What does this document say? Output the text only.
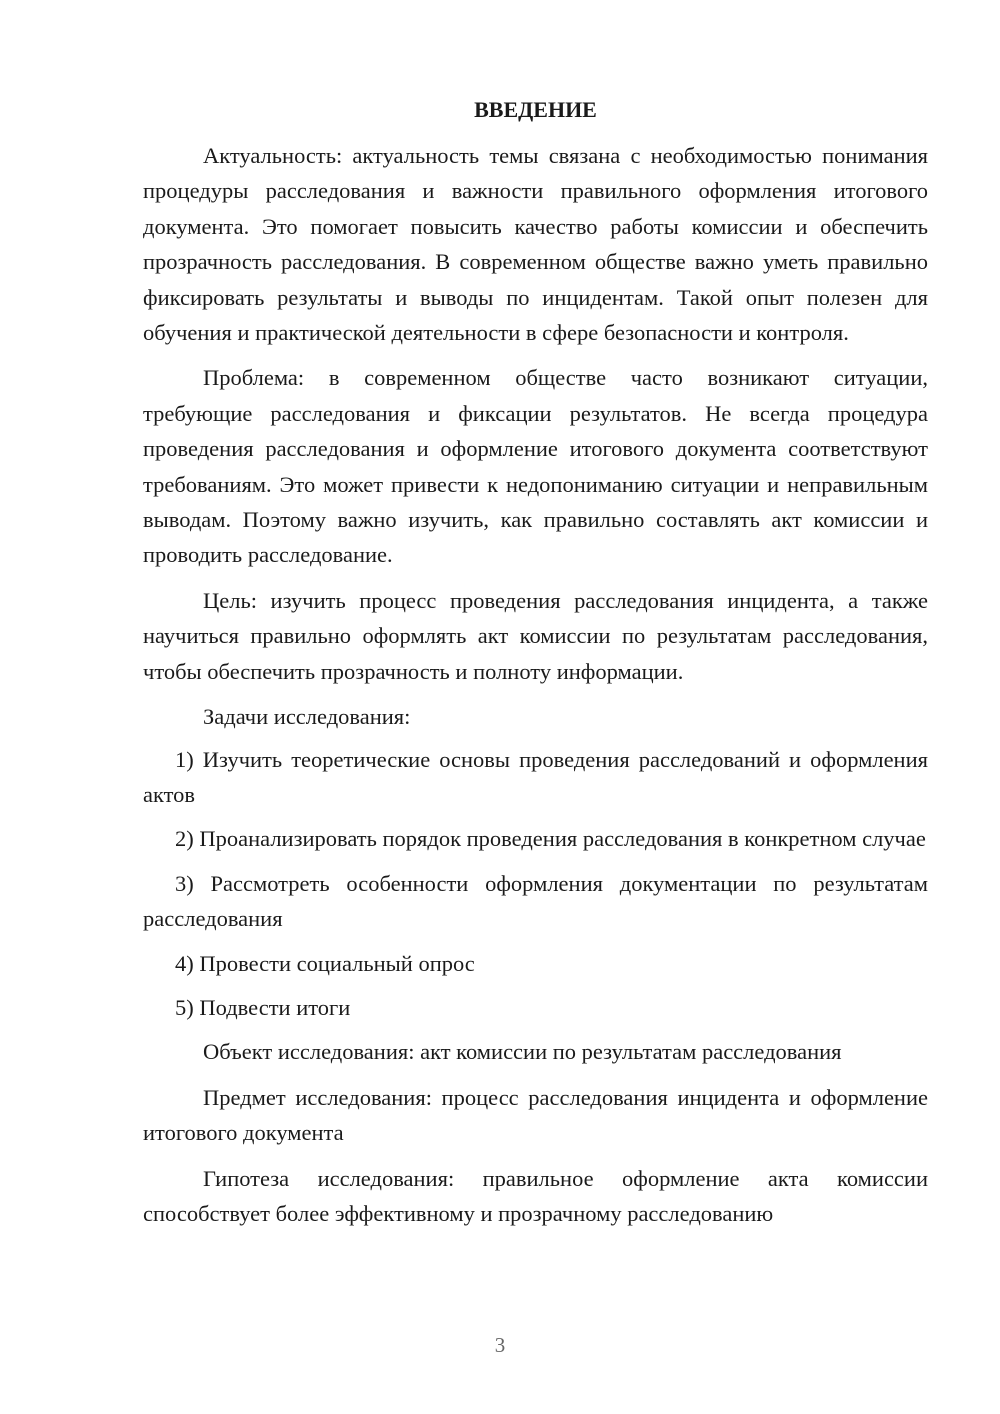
ВВЕДЕНИЕ

Актуальность: актуальность темы связана с необходимостью понимания процедуры расследования и важности правильного оформления итогового документа. Это помогает повысить качество работы комиссии и обеспечить прозрачность расследования. В современном обществе важно уметь правильно фиксировать результаты и выводы по инцидентам. Такой опыт полезен для обучения и практической деятельности в сфере безопасности и контроля.

Проблема: в современном обществе часто возникают ситуации, требующие расследования и фиксации результатов. Не всегда процедура проведения расследования и оформление итогового документа соответствуют требованиям. Это может привести к недопониманию ситуации и неправильным выводам. Поэтому важно изучить, как правильно составлять акт комиссии и проводить расследование.

Цель: изучить процесс проведения расследования инцидента, а также научиться правильно оформлять акт комиссии по результатам расследования, чтобы обеспечить прозрачность и полноту информации.

Задачи исследования:

1) Изучить теоретические основы проведения расследований и оформления актов

2) Проанализировать порядок проведения расследования в конкретном случае

3) Рассмотреть особенности оформления документации по результатам расследования

4) Провести социальный опрос

5) Подвести итоги

Объект исследования: акт комиссии по результатам расследования

Предмет исследования: процесс расследования инцидента и оформление итогового документа

Гипотеза исследования: правильное оформление акта комиссии способствует более эффективному и прозрачному расследованию

3
